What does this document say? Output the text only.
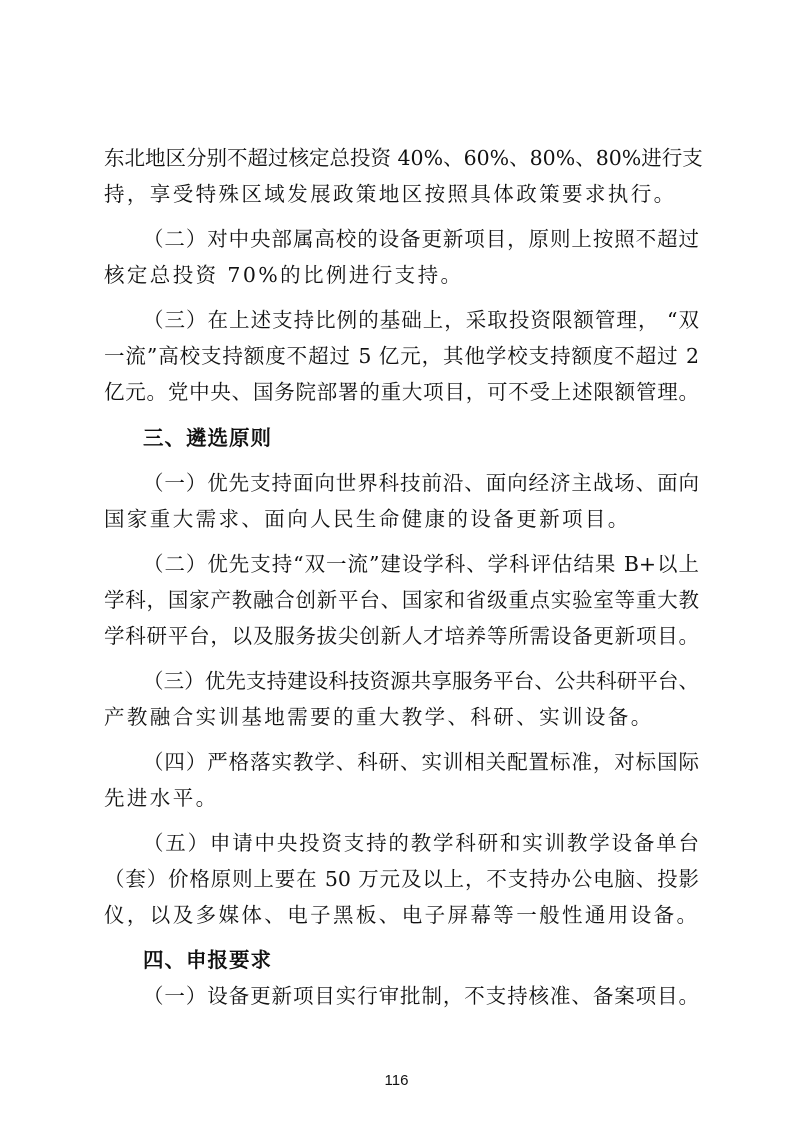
东北地区分别不超过核定总投资 40%、60%、80%、80%进行支
持，享受特殊区域发展政策地区按照具体政策要求执行。
（二）对中央部属高校的设备更新项目，原则上按照不超过
核定总投资 70%的比例进行支持。
（三）在上述支持比例的基础上，采取投资限额管理， “双
一流”高校支持额度不超过 5 亿元，其他学校支持额度不超过 2
亿元。党中央、国务院部署的重大项目，可不受上述限额管理。
三、遴选原则
（一）优先支持面向世界科技前沿、面向经济主战场、面向
国家重大需求、面向人民生命健康的设备更新项目。
（二）优先支持“双一流”建设学科、学科评估结果 B+以上
学科，国家产教融合创新平台、国家和省级重点实验室等重大教
学科研平台，以及服务拔尖创新人才培养等所需设备更新项目。
（三）优先支持建设科技资源共享服务平台、公共科研平台、
产教融合实训基地需要的重大教学、科研、实训设备。
（四）严格落实教学、科研、实训相关配置标准，对标国际
先进水平。
（五）申请中央投资支持的教学科研和实训教学设备单台
（套）价格原则上要在 50 万元及以上，不支持办公电脑、投影
仪，以及多媒体、电子黑板、电子屏幕等一般性通用设备。
四、申报要求
（一）设备更新项目实行审批制，不支持核准、备案项目。
116
